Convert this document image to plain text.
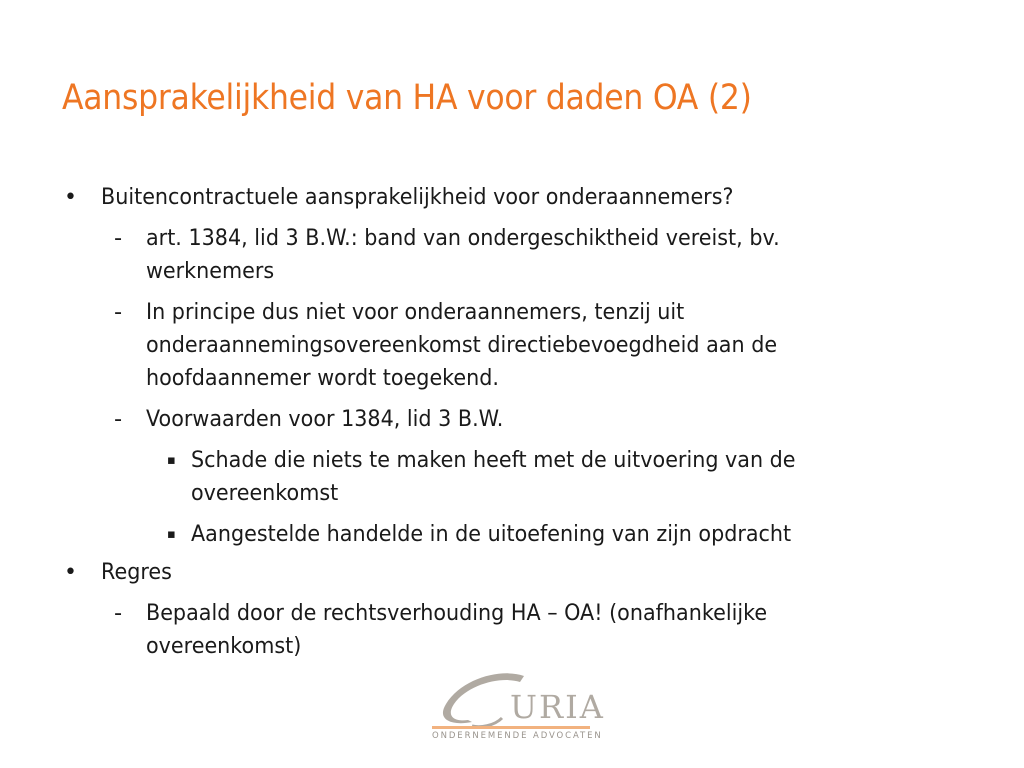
Aansprakelijkheid van HA voor daden OA (2)

• Buitencontractuele aansprakelijkheid voor onderaannemers?

- art. 1384, lid 3 B.W.: band van ondergeschiktheid vereist, bv. werknemers

- In principe dus niet voor onderaannemers, tenzij uit onderaannemingsovereenkomst directiebevoegdheid aan de hoofdaannemer wordt toegekend.

- Voorwaarden voor 1384, lid 3 B.W.

▪ Schade die niets te maken heeft met de uitvoering van de overeenkomst

▪ Aangestelde handelde in de uitoefening van zijn opdracht

• Regres

- Bepaald door de rechtsverhouding HA – OA! (onafhankelijke overeenkomst)

URIA
ONDERNEMENDE ADVOCATEN
